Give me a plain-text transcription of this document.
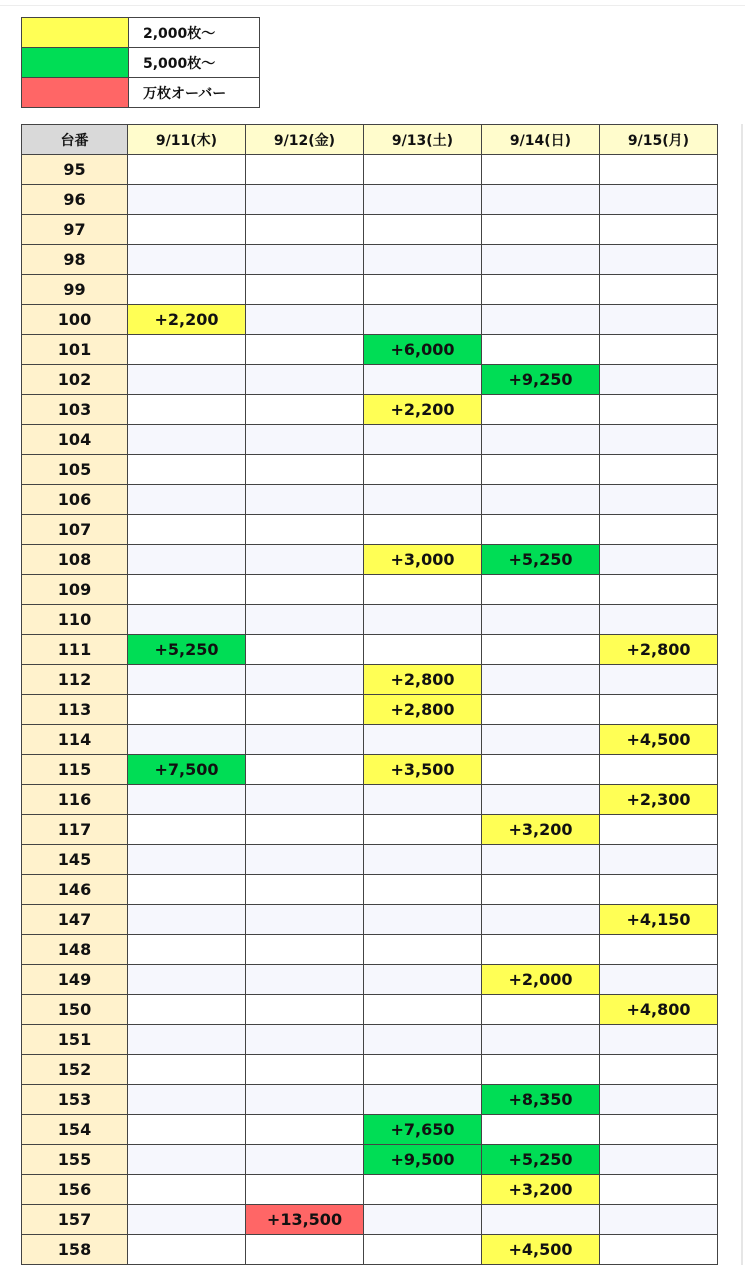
	2,000枚〜
	5,000枚〜
	万枚オーバー
台番	9/11(木)	9/12(金)	9/13(土)	9/14(日)	9/15(月)
95					
96					
97					
98					
99					
100	+2,200				
101			+6,000		
102				+9,250	
103			+2,200		
104					
105					
106					
107					
108			+3,000	+5,250	
109					
110					
111	+5,250				+2,800
112			+2,800		
113			+2,800		
114					+4,500
115	+7,500		+3,500		
116					+2,300
117				+3,200	
145					
146					
147					+4,150
148					
149				+2,000	
150					+4,800
151					
152					
153				+8,350	
154			+7,650		
155			+9,500	+5,250	
156				+3,200	
157		+13,500			
158				+4,500	
